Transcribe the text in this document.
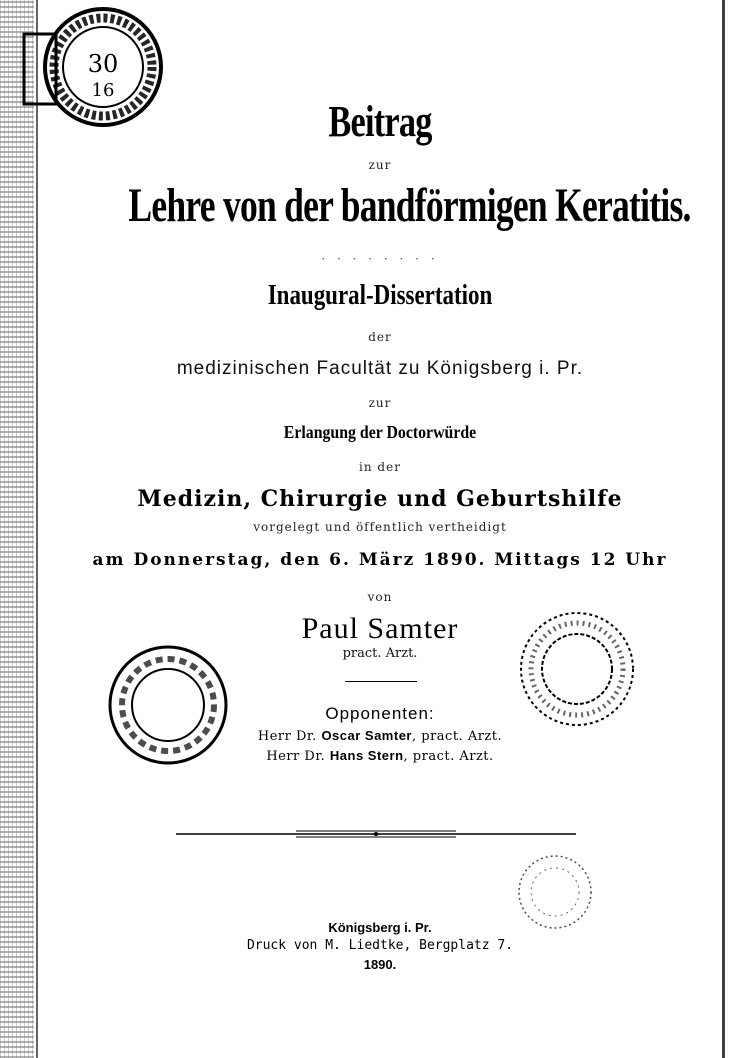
30
16
Beitrag
zur
Lehre von der bandförmigen Keratitis.
· · · · · · · ·
Inaugural-Dissertation
der
medizinischen Facultät zu Königsberg i. Pr.
zur
Erlangung der Doctorwürde
in der
Medizin, Chirurgie und Geburtshilfe
vorgelegt und öffentlich vertheidigt
am Donnerstag, den 6. März 1890. Mittags 12 Uhr
von
Paul Samter
pract. Arzt.
Opponenten:
Herr Dr. Oscar Samter, pract. Arzt.
Herr Dr. Hans Stern, pract. Arzt.
Königsberg i. Pr.
Druck von M. Liedtke, Bergplatz 7.
1890.
